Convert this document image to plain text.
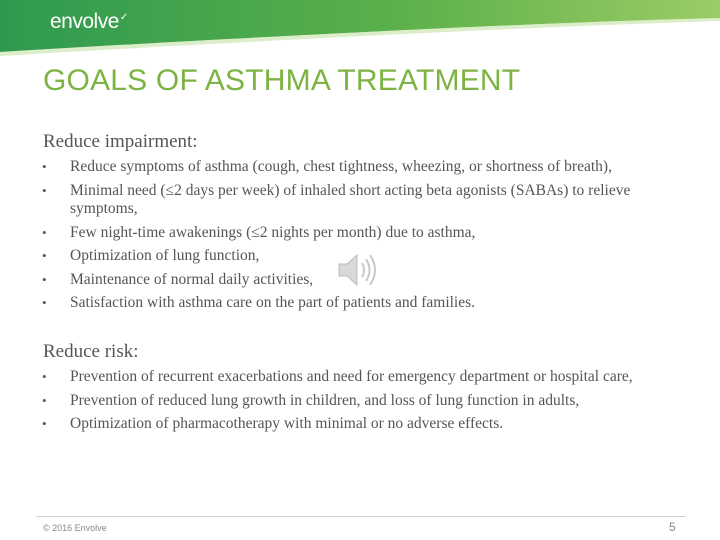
envolve✓
GOALS OF ASTHMA TREATMENT
Reduce impairment:
• Reduce symptoms of asthma (cough, chest tightness, wheezing, or shortness of breath),
• Minimal need (≤2 days per week) of inhaled short acting beta agonists (SABAs) to relieve symptoms,
• Few night-time awakenings (≤2 nights per month) due to asthma,
• Optimization of lung function,
• Maintenance of normal daily activities,
• Satisfaction with asthma care on the part of patients and families.
Reduce risk:
• Prevention of recurrent exacerbations and need for emergency department or hospital care,
• Prevention of reduced lung growth in children, and loss of lung function in adults,
• Optimization of pharmacotherapy with minimal or no adverse effects.
© 2016 Envolve	5
